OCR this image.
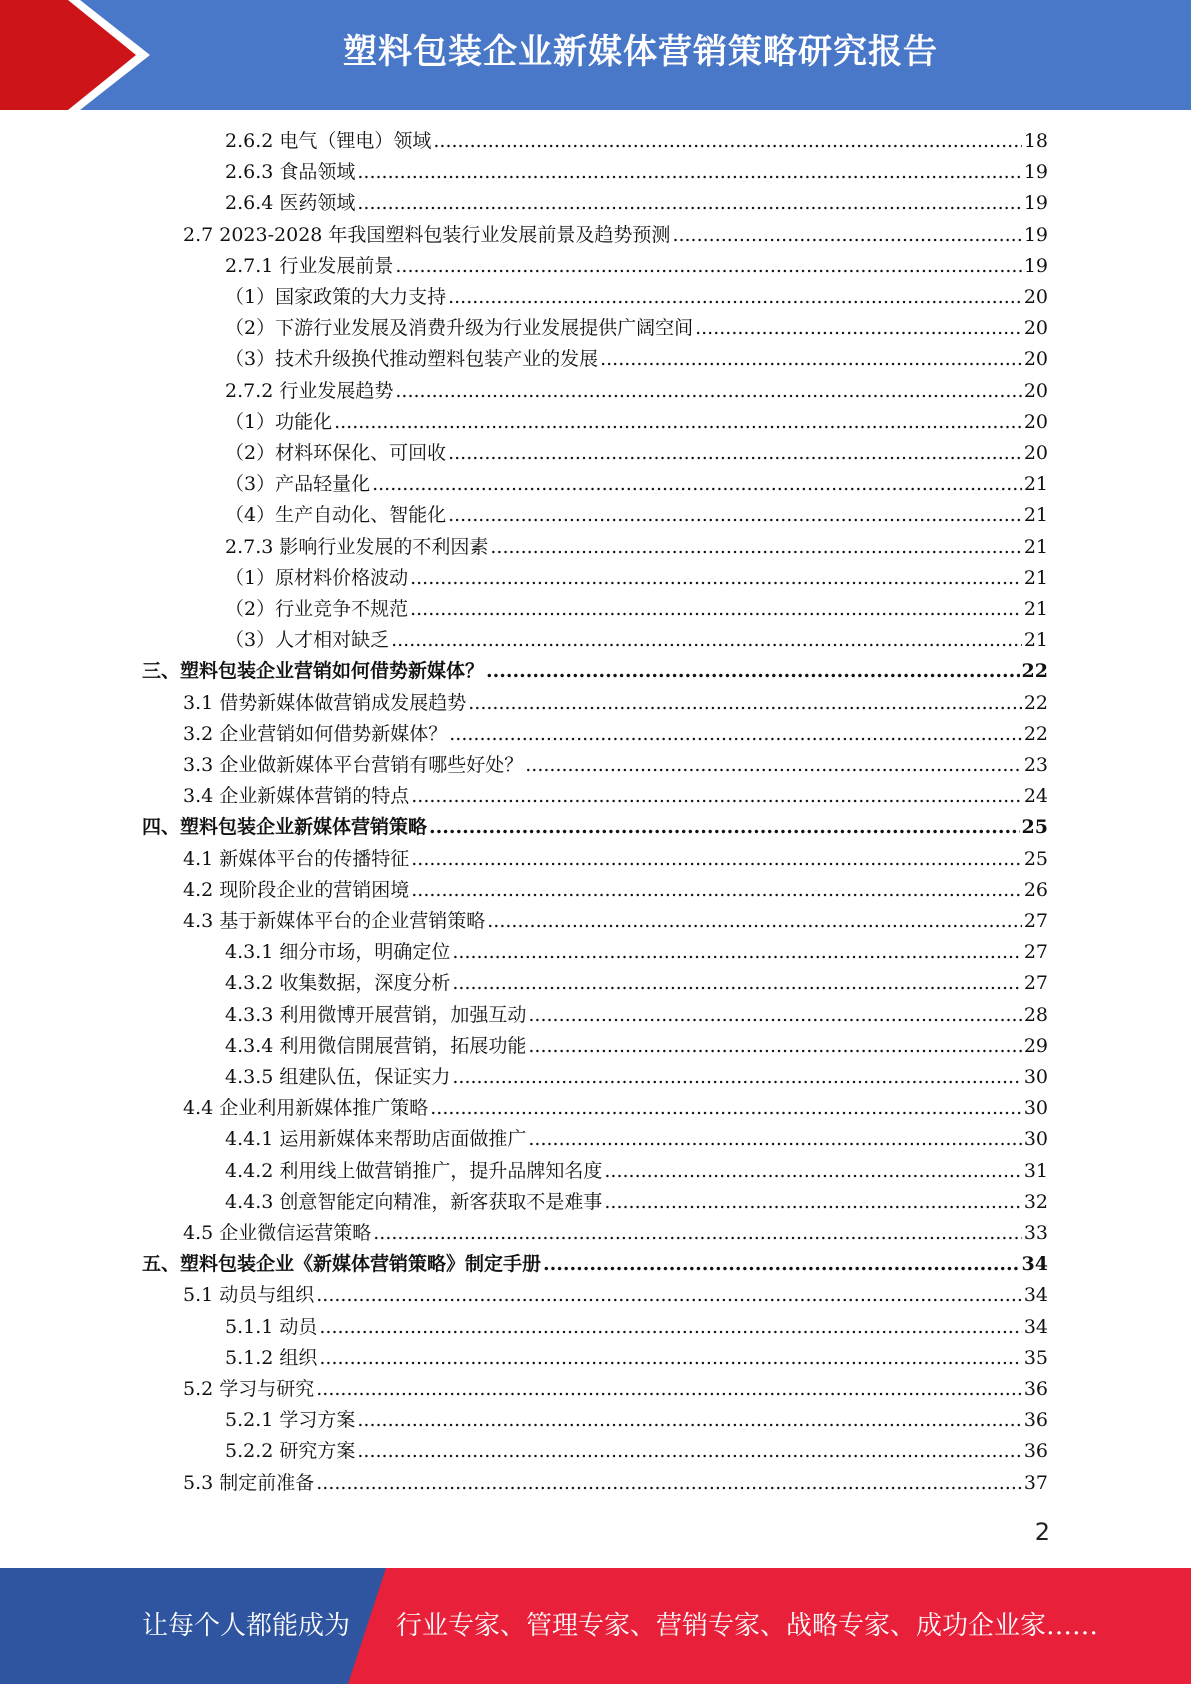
塑料包装企业新媒体营销策略研究报告
2.6.2 电气（锂电）领域 .....	18
2.6.3 食品领域 .....	19
2.6.4 医药领域 .....	19
2.7 2023-2028 年我国塑料包装行业发展前景及趋势预测 .....	19
2.7.1 行业发展前景 .....	19
（1）国家政策的大力支持 .....	20
（2）下游行业发展及消费升级为行业发展提供广阔空间 .....	20
（3）技术升级换代推动塑料包装产业的发展 .....	20
2.7.2 行业发展趋势 .....	20
（1）功能化 .....	20
（2）材料环保化、可回收 .....	20
（3）产品轻量化 .....	21
（4）生产自动化、智能化 .....	21
2.7.3 影响行业发展的不利因素 .....	21
（1）原材料价格波动 .....	21
（2）行业竞争不规范 .....	21
（3）人才相对缺乏 .....	21
三、塑料包装企业营销如何借势新媒体？ .....	22
3.1 借势新媒体做营销成发展趋势 .....	22
3.2 企业营销如何借势新媒体？ .....	22
3.3 企业做新媒体平台营销有哪些好处？ .....	23
3.4 企业新媒体营销的特点 .....	24
四、塑料包装企业新媒体营销策略 .....	25
4.1 新媒体平台的传播特征 .....	25
4.2 现阶段企业的营销困境 .....	26
4.3 基于新媒体平台的企业营销策略 .....	27
4.3.1 细分市场，明确定位 .....	27
4.3.2 收集数据，深度分析 .....	27
4.3.3 利用微博开展营销，加强互动 .....	28
4.3.4 利用微信開展营销，拓展功能 .....	29
4.3.5 组建队伍，保证实力 .....	30
4.4 企业利用新媒体推广策略 .....	30
4.4.1 运用新媒体来帮助店面做推广 .....	30
4.4.2 利用线上做营销推广，提升品牌知名度 .....	31
4.4.3 创意智能定向精准，新客获取不是难事 .....	32
4.5 企业微信运营策略 .....	33
五、塑料包装企业《新媒体营销策略》制定手册 .....	34
5.1 动员与组织 .....	34
5.1.1 动员 .....	34
5.1.2 组织 .....	35
5.2 学习与研究 .....	36
5.2.1 学习方案 .....	36
5.2.2 研究方案 .....	36
5.3 制定前准备 .....	37
2
让每个人都能成为 行业专家、管理专家、营销专家、战略专家、成功企业家……
